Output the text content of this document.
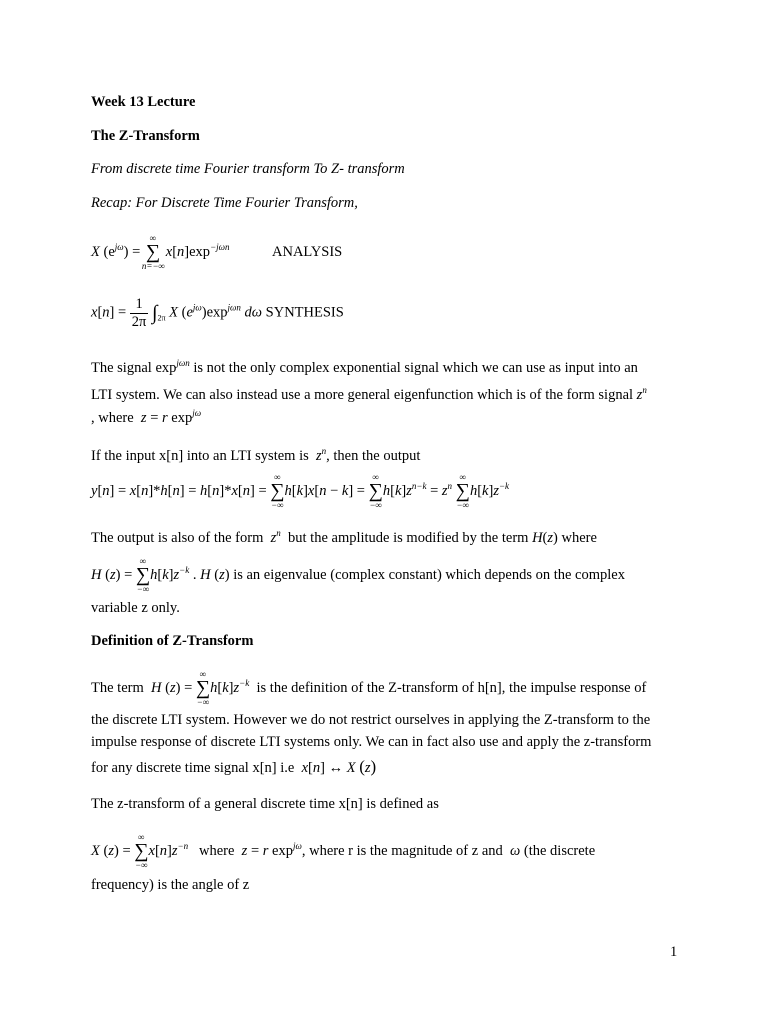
Week 13 Lecture
The Z-Transform
From discrete time Fourier transform To Z- transform
Recap: For Discrete Time Fourier Transform,
X $(e^{j\omega})$ =
∞
∑
n=−∞
$x[n]\exp^{-j\omega n}$	ANALYSIS
$x[n] = \frac{1}{2\pi} \int_{2\pi}$ X $(e^{j\omega})\exp^{j\omega n}$ dω SYNTHESIS
The signal $\exp^{j\omega n}$ is not the only complex exponential signal which we can use as input into an
LTI system. We can also instead use a more general eigenfunction which is of the form signal $z^n$
, where z = r $\exp^{j\omega}$
If the input x[n] into an LTI system is $z^n$, then the output
y[n] = x[n]*h[n] = h[n]*x[n] =
∞
∑
−∞
h[k]x[n − k] =
∞
∑
−∞
$h[k]z^{n-k} = z^n$
∞
∑
−∞
$h[k]z^{-k}$
The output is also of the form $z^n$ but the amplitude is modified by the term H(z) where
H (z) =
∞
∑
−∞
$h[k]z^{-k}$ . H (z) is an eigenvalue (complex constant) which depends on the complex
variable z only.
Definition of Z-Transform
The term H (z) =
∞
∑
−∞
$h[k]z^{-k}$ is the definition of the Z-transform of h[n], the impulse response of
the discrete LTI system. However we do not restrict ourselves in applying the Z-transform to the
impulse response of discrete LTI systems only. We can in fact also use and apply the z-transform
for any discrete time signal x[n] i.e x[n] ↔ X (z)
The z-transform of a general discrete time x[n] is defined as
X (z) =
∞
∑
−∞
$x[n]z^{-n}$ where z = r $\exp^{j\omega}$, where r is the magnitude of z and ω (the discrete
frequency) is the angle of z
1
